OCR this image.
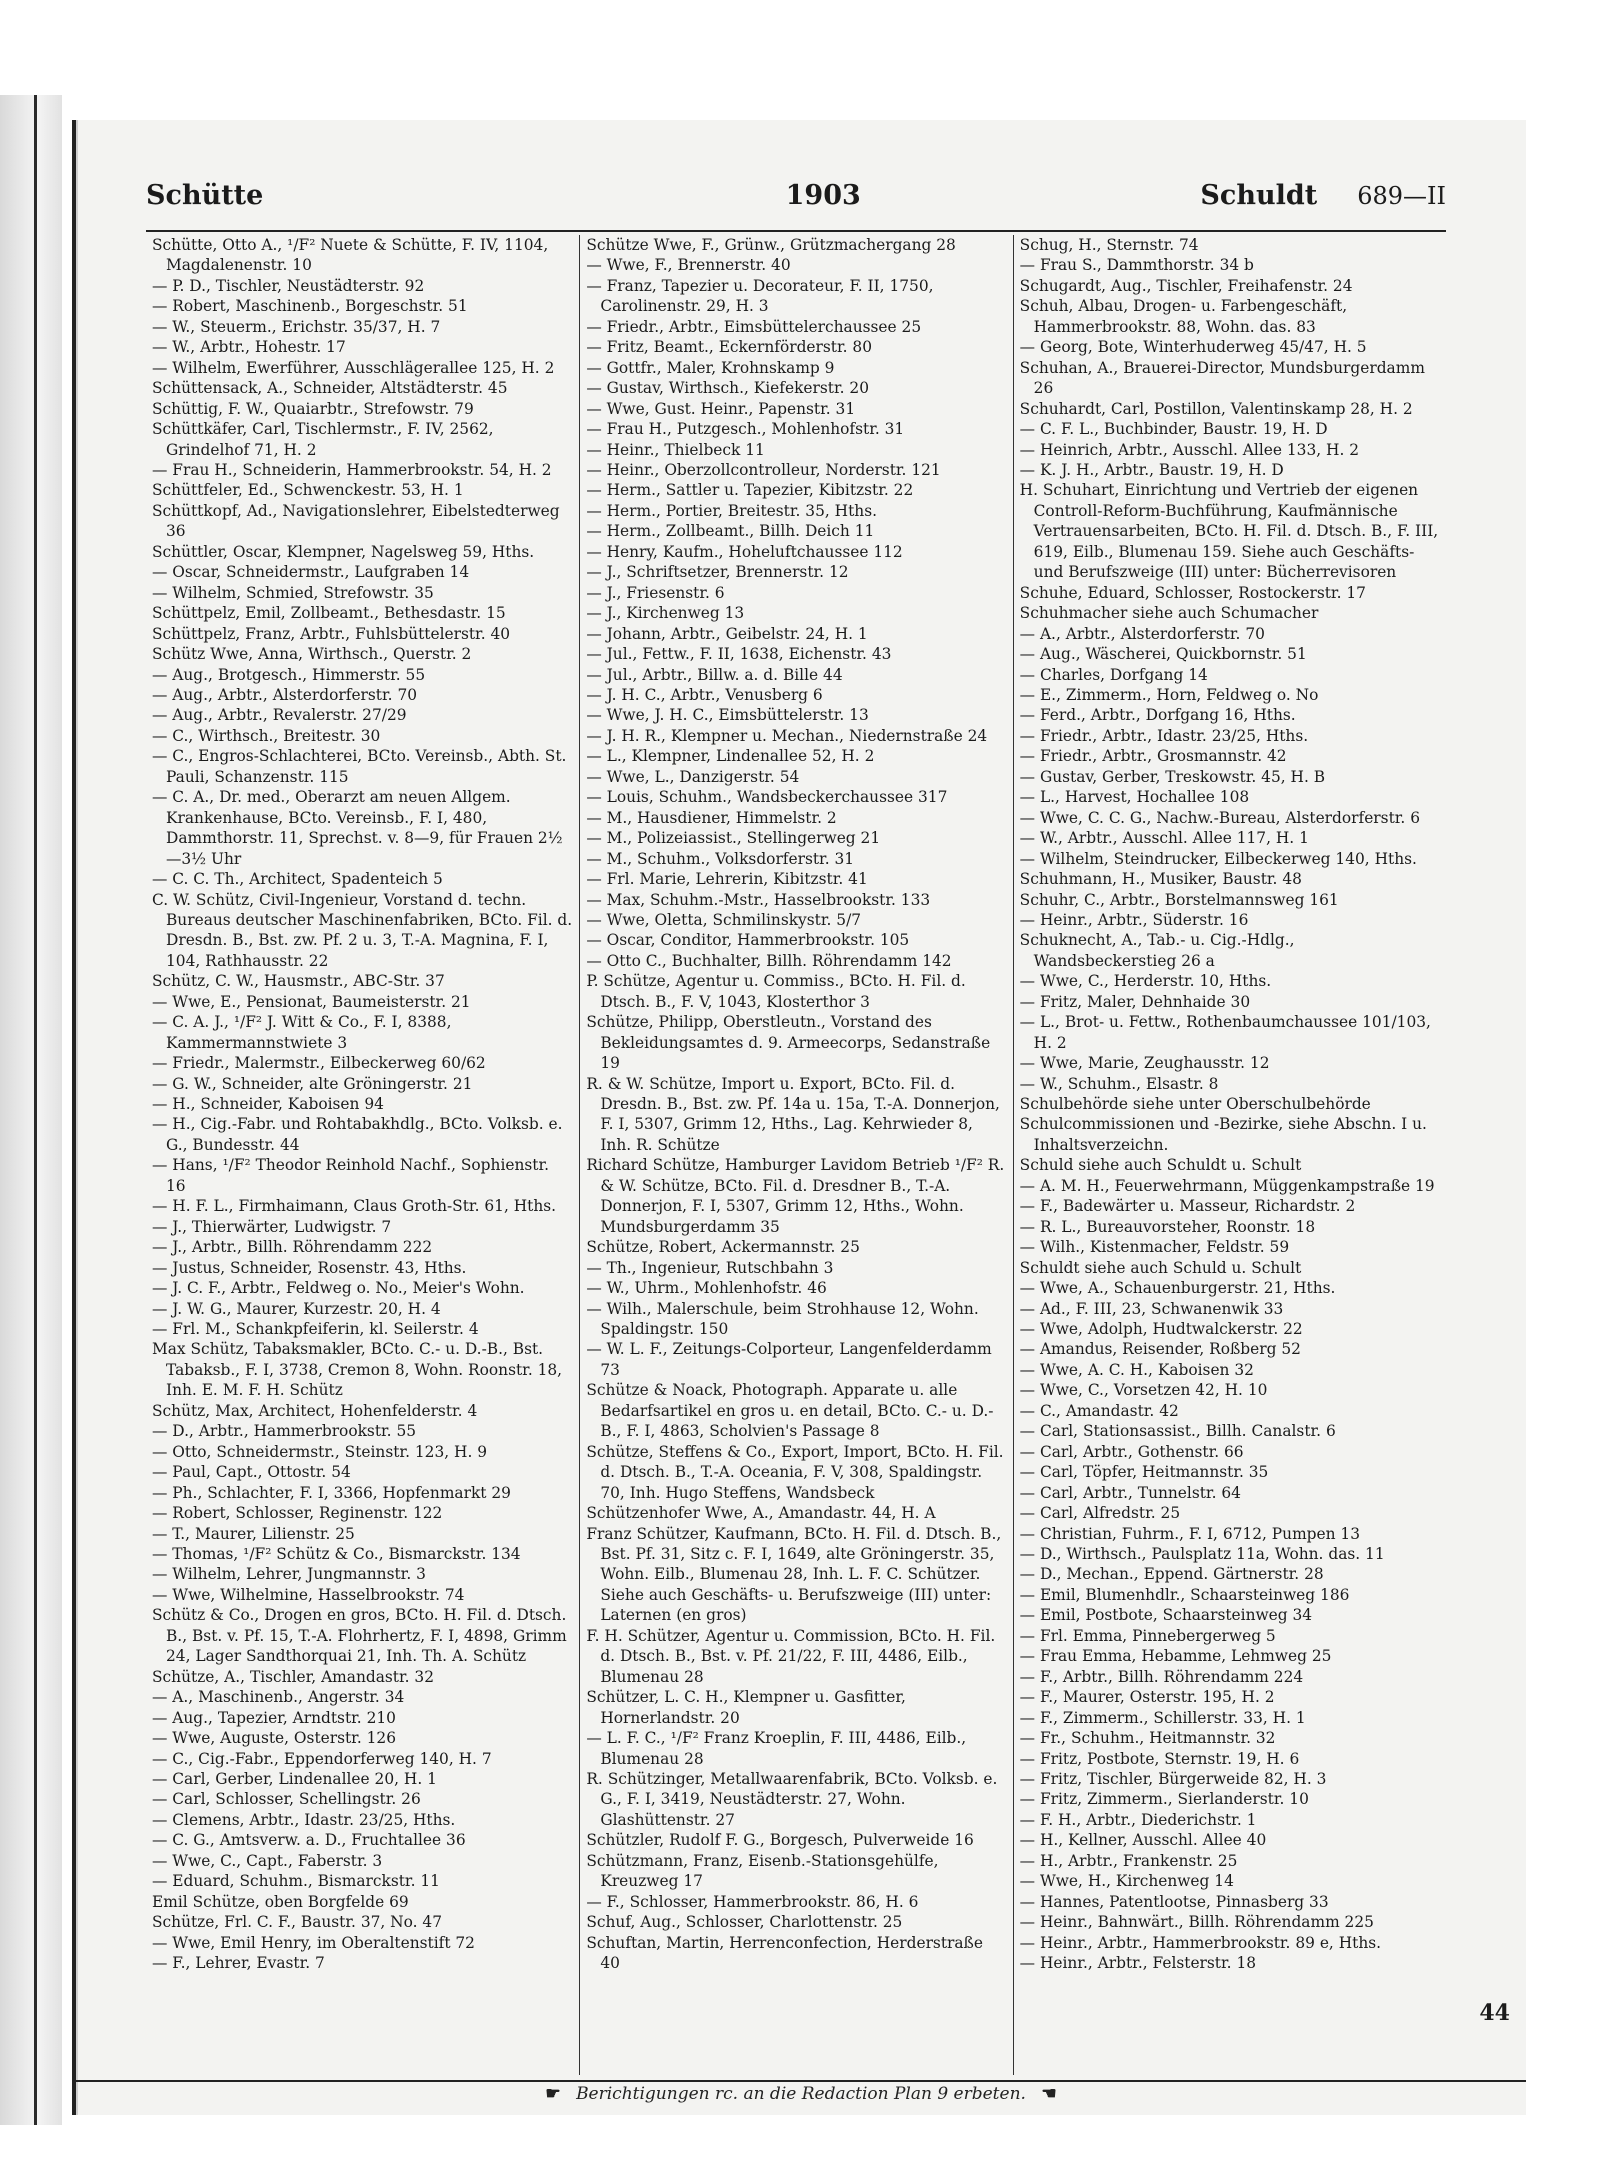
Schütte	1903	Schuldt 689—II
Schütte, Otto A., ¹/F² Nuete & Schütte, F. IV, 1104, Magdalenenstr. 10
— P. D., Tischler, Neustädterstr. 92
— Robert, Maschinenb., Borgeschstr. 51
— W., Steuerm., Erichstr. 35/37, H. 7
— W., Arbtr., Hohestr. 17
— Wilhelm, Ewerführer, Ausschlägerallee 125, H. 2
Schüttensack, A., Schneider, Altstädterstr. 45
Schüttig, F. W., Quaiarbtr., Strefowstr. 79
Schüttkäfer, Carl, Tischlermstr., F. IV, 2562, Grindelhof 71, H. 2
— Frau H., Schneiderin, Hammerbrookstr. 54, H. 2
Schüttfeler, Ed., Schwenckestr. 53, H. 1
Schüttkopf, Ad., Navigationslehrer, Eibelstedterweg 36
Schüttler, Oscar, Klempner, Nagelsweg 59, Hths.
— Oscar, Schneidermstr., Laufgraben 14
— Wilhelm, Schmied, Strefowstr. 35
Schüttpelz, Emil, Zollbeamt., Bethesdastr. 15
Schüttpelz, Franz, Arbtr., Fuhlsbüttelerstr. 40
Schütz Wwe, Anna, Wirthsch., Querstr. 2
— Aug., Brotgesch., Himmerstr. 55
— Aug., Arbtr., Alsterdorferstr. 70
— Aug., Arbtr., Revalerstr. 27/29
— C., Wirthsch., Breitestr. 30
— C., Engros-Schlachterei, BCto. Vereinsb., Abth. St. Pauli, Schanzenstr. 115
— C. A., Dr. med., Oberarzt am neuen Allgem. Krankenhause, BCto. Vereinsb., F. I, 480, Dammthorstr. 11, Sprechst. v. 8—9, für Frauen 2½—3½ Uhr
— C. C. Th., Architect, Spadenteich 5
C. W. Schütz, Civil-Ingenieur, Vorstand d. techn. Bureaus deutscher Maschinenfabriken, BCto. Fil. d. Dresdn. B., Bst. zw. Pf. 2 u. 3, T.-A. Magnina, F. I, 104, Rathhausstr. 22
Schütz, C. W., Hausmstr., ABC-Str. 37
— Wwe, E., Pensionat, Baumeisterstr. 21
— C. A. J., ¹/F² J. Witt & Co., F. I, 8388, Kammermannstwiete 3
— Friedr., Malermstr., Eilbeckerweg 60/62
— G. W., Schneider, alte Gröningerstr. 21
— H., Schneider, Kaboisen 94
— H., Cig.-Fabr. und Rohtabakhdlg., BCto. Volksb. e. G., Bundesstr. 44
— Hans, ¹/F² Theodor Reinhold Nachf., Sophienstr. 16
— H. F. L., Firmhaimann, Claus Groth-Str. 61, Hths.
— J., Thierwärter, Ludwigstr. 7
— J., Arbtr., Billh. Röhrendamm 222
— Justus, Schneider, Rosenstr. 43, Hths.
— J. C. F., Arbtr., Feldweg o. No., Meier's Wohn.
— J. W. G., Maurer, Kurzestr. 20, H. 4
— Frl. M., Schankpfeiferin, kl. Seilerstr. 4
Max Schütz, Tabaksmakler, BCto. C.- u. D.-B., Bst. Tabaksb., F. I, 3738, Cremon 8, Wohn. Roonstr. 18, Inh. E. M. F. H. Schütz
Schütz, Max, Architect, Hohenfelderstr. 4
— D., Arbtr., Hammerbrookstr. 55
— Otto, Schneidermstr., Steinstr. 123, H. 9
— Paul, Capt., Ottostr. 54
— Ph., Schlachter, F. I, 3366, Hopfenmarkt 29
— Robert, Schlosser, Reginenstr. 122
— T., Maurer, Lilienstr. 25
— Thomas, ¹/F² Schütz & Co., Bismarckstr. 134
— Wilhelm, Lehrer, Jungmannstr. 3
— Wwe, Wilhelmine, Hasselbrookstr. 74
Schütz & Co., Drogen en gros, BCto. H. Fil. d. Dtsch. B., Bst. v. Pf. 15, T.-A. Flohrhertz, F. I, 4898, Grimm 24, Lager Sandthorquai 21, Inh. Th. A. Schütz
Schütze, A., Tischler, Amandastr. 32
— A., Maschinenb., Angerstr. 34
— Aug., Tapezier, Arndtstr. 210
— Wwe, Auguste, Osterstr. 126
— C., Cig.-Fabr., Eppendorferweg 140, H. 7
— Carl, Gerber, Lindenallee 20, H. 1
— Carl, Schlosser, Schellingstr. 26
— Clemens, Arbtr., Idastr. 23/25, Hths.
— C. G., Amtsverw. a. D., Fruchtallee 36
— Wwe, C., Capt., Faberstr. 3
— Eduard, Schuhm., Bismarckstr. 11
Emil Schütze, oben Borgfelde 69
Schütze, Frl. C. F., Baustr. 37, No. 47
— Wwe, Emil Henry, im Oberaltenstift 72
— F., Lehrer, Evastr. 7
Schütze Wwe, F., Grünw., Grützmachergang 28
— Wwe, F., Brennerstr. 40
— Franz, Tapezier u. Decorateur, F. II, 1750, Carolinenstr. 29, H. 3
— Friedr., Arbtr., Eimsbüttelerchaussee 25
— Fritz, Beamt., Eckernförderstr. 80
— Gottfr., Maler, Krohnskamp 9
— Gustav, Wirthsch., Kiefekerstr. 20
— Wwe, Gust. Heinr., Papenstr. 31
— Frau H., Putzgesch., Mohlenhofstr. 31
— Heinr., Thielbeck 11
— Heinr., Oberzollcontrolleur, Norderstr. 121
— Herm., Sattler u. Tapezier, Kibitzstr. 22
— Herm., Portier, Breitestr. 35, Hths.
— Herm., Zollbeamt., Billh. Deich 11
— Henry, Kaufm., Hoheluftchaussee 112
— J., Schriftsetzer, Brennerstr. 12
— J., Friesenstr. 6
— J., Kirchenweg 13
— Johann, Arbtr., Geibelstr. 24, H. 1
— Jul., Fettw., F. II, 1638, Eichenstr. 43
— Jul., Arbtr., Billw. a. d. Bille 44
— J. H. C., Arbtr., Venusberg 6
— Wwe, J. H. C., Eimsbüttelerstr. 13
— J. H. R., Klempner u. Mechan., Niedernstraße 24
— L., Klempner, Lindenallee 52, H. 2
— Wwe, L., Danzigerstr. 54
— Louis, Schuhm., Wandsbeckerchaussee 317
— M., Hausdiener, Himmelstr. 2
— M., Polizeiassist., Stellingerweg 21
— M., Schuhm., Volksdorferstr. 31
— Frl. Marie, Lehrerin, Kibitzstr. 41
— Max, Schuhm.-Mstr., Hasselbrookstr. 133
— Wwe, Oletta, Schmilinskystr. 5/7
— Oscar, Conditor, Hammerbrookstr. 105
— Otto C., Buchhalter, Billh. Röhrendamm 142
P. Schütze, Agentur u. Commiss., BCto. H. Fil. d. Dtsch. B., F. V, 1043, Klosterthor 3
Schütze, Philipp, Oberstleutn., Vorstand des Bekleidungsamtes d. 9. Armeecorps, Sedanstraße 19
R. & W. Schütze, Import u. Export, BCto. Fil. d. Dresdn. B., Bst. zw. Pf. 14a u. 15a, T.-A. Donnerjon, F. I, 5307, Grimm 12, Hths., Lag. Kehrwieder 8, Inh. R. Schütze
Richard Schütze, Hamburger Lavidom Betrieb ¹/F² R. & W. Schütze, BCto. Fil. d. Dresdner B., T.-A. Donnerjon, F. I, 5307, Grimm 12, Hths., Wohn. Mundsburgerdamm 35
Schütze, Robert, Ackermannstr. 25
— Th., Ingenieur, Rutschbahn 3
— W., Uhrm., Mohlenhofstr. 46
— Wilh., Malerschule, beim Strohhause 12, Wohn. Spaldingstr. 150
— W. L. F., Zeitungs-Colporteur, Langenfelderdamm 73
Schütze & Noack, Photograph. Apparate u. alle Bedarfsartikel en gros u. en detail, BCto. C.- u. D.-B., F. I, 4863, Scholvien's Passage 8
Schütze, Steffens & Co., Export, Import, BCto. H. Fil. d. Dtsch. B., T.-A. Oceania, F. V, 308, Spaldingstr. 70, Inh. Hugo Steffens, Wandsbeck
Schützenhofer Wwe, A., Amandastr. 44, H. A
Franz Schützer, Kaufmann, BCto. H. Fil. d. Dtsch. B., Bst. Pf. 31, Sitz c. F. I, 1649, alte Gröningerstr. 35, Wohn. Eilb., Blumenau 28, Inh. L. F. C. Schützer. Siehe auch Geschäfts- u. Berufszweige (III) unter: Laternen (en gros)
F. H. Schützer, Agentur u. Commission, BCto. H. Fil. d. Dtsch. B., Bst. v. Pf. 21/22, F. III, 4486, Eilb., Blumenau 28
Schützer, L. C. H., Klempner u. Gasfitter, Hornerlandstr. 20
— L. F. C., ¹/F² Franz Kroeplin, F. III, 4486, Eilb., Blumenau 28
R. Schützinger, Metallwaarenfabrik, BCto. Volksb. e. G., F. I, 3419, Neustädterstr. 27, Wohn. Glashüttenstr. 27
Schützler, Rudolf F. G., Borgesch, Pulverweide 16
Schützmann, Franz, Eisenb.-Stationsgehülfe, Kreuzweg 17
— F., Schlosser, Hammerbrookstr. 86, H. 6
Schuf, Aug., Schlosser, Charlottenstr. 25
Schuftan, Martin, Herrenconfection, Herderstraße 40
Schug, H., Sternstr. 74
— Frau S., Dammthorstr. 34 b
Schugardt, Aug., Tischler, Freihafenstr. 24
Schuh, Albau, Drogen- u. Farbengeschäft, Hammerbrookstr. 88, Wohn. das. 83
— Georg, Bote, Winterhuderweg 45/47, H. 5
Schuhan, A., Brauerei-Director, Mundsburgerdamm 26
Schuhardt, Carl, Postillon, Valentinskamp 28, H. 2
— C. F. L., Buchbinder, Baustr. 19, H. D
— Heinrich, Arbtr., Ausschl. Allee 133, H. 2
— K. J. H., Arbtr., Baustr. 19, H. D
H. Schuhart, Einrichtung und Vertrieb der eigenen Controll-Reform-Buchführung, Kaufmännische Vertrauensarbeiten, BCto. H. Fil. d. Dtsch. B., F. III, 619, Eilb., Blumenau 159. Siehe auch Geschäfts- und Berufszweige (III) unter: Bücherrevisoren
Schuhe, Eduard, Schlosser, Rostockerstr. 17
Schuhmacher siehe auch Schumacher
— A., Arbtr., Alsterdorferstr. 70
— Aug., Wäscherei, Quickbornstr. 51
— Charles, Dorfgang 14
— E., Zimmerm., Horn, Feldweg o. No
— Ferd., Arbtr., Dorfgang 16, Hths.
— Friedr., Arbtr., Idastr. 23/25, Hths.
— Friedr., Arbtr., Grosmannstr. 42
— Gustav, Gerber, Treskowstr. 45, H. B
— L., Harvest, Hochallee 108
— Wwe, C. C. G., Nachw.-Bureau, Alsterdorferstr. 6
— W., Arbtr., Ausschl. Allee 117, H. 1
— Wilhelm, Steindrucker, Eilbeckerweg 140, Hths.
Schuhmann, H., Musiker, Baustr. 48
Schuhr, C., Arbtr., Borstelmannsweg 161
— Heinr., Arbtr., Süderstr. 16
Schuknecht, A., Tab.- u. Cig.-Hdlg., Wandsbeckerstieg 26 a
— Wwe, C., Herderstr. 10, Hths.
— Fritz, Maler, Dehnhaide 30
— L., Brot- u. Fettw., Rothenbaumchaussee 101/103, H. 2
— Wwe, Marie, Zeughausstr. 12
— W., Schuhm., Elsastr. 8
Schulbehörde siehe unter Oberschulbehörde
Schulcommissionen und -Bezirke, siehe Abschn. I u. Inhaltsverzeichn.
Schuld siehe auch Schuldt u. Schult
— A. M. H., Feuerwehrmann, Müggenkampstraße 19
— F., Badewärter u. Masseur, Richardstr. 2
— R. L., Bureauvorsteher, Roonstr. 18
— Wilh., Kistenmacher, Feldstr. 59
Schuldt siehe auch Schuld u. Schult
— Wwe, A., Schauenburgerstr. 21, Hths.
— Ad., F. III, 23, Schwanenwik 33
— Wwe, Adolph, Hudtwalckerstr. 22
— Amandus, Reisender, Roßberg 52
— Wwe, A. C. H., Kaboisen 32
— Wwe, C., Vorsetzen 42, H. 10
— C., Amandastr. 42
— Carl, Stationsassist., Billh. Canalstr. 6
— Carl, Arbtr., Gothenstr. 66
— Carl, Töpfer, Heitmannstr. 35
— Carl, Arbtr., Tunnelstr. 64
— Carl, Alfredstr. 25
— Christian, Fuhrm., F. I, 6712, Pumpen 13
— D., Wirthsch., Paulsplatz 11a, Wohn. das. 11
— D., Mechan., Eppend. Gärtnerstr. 28
— Emil, Blumenhdlr., Schaarsteinweg 186
— Emil, Postbote, Schaarsteinweg 34
— Frl. Emma, Pinnebergerweg 5
— Frau Emma, Hebamme, Lehmweg 25
— F., Arbtr., Billh. Röhrendamm 224
— F., Maurer, Osterstr. 195, H. 2
— F., Zimmerm., Schillerstr. 33, H. 1
— Fr., Schuhm., Heitmannstr. 32
— Fritz, Postbote, Sternstr. 19, H. 6
— Fritz, Tischler, Bürgerweide 82, H. 3
— Fritz, Zimmerm., Sierlanderstr. 10
— F. H., Arbtr., Diederichstr. 1
— H., Kellner, Ausschl. Allee 40
— H., Arbtr., Frankenstr. 25
— Wwe, H., Kirchenweg 14
— Hannes, Patentlootse, Pinnasberg 33
— Heinr., Bahnwärt., Billh. Röhrendamm 225
— Heinr., Arbtr., Hammerbrookstr. 89 e, Hths.
— Heinr., Arbtr., Felsterstr. 18
☛ Berichtigungen rc. an die Redaction Plan 9 erbeten. ☚
44
